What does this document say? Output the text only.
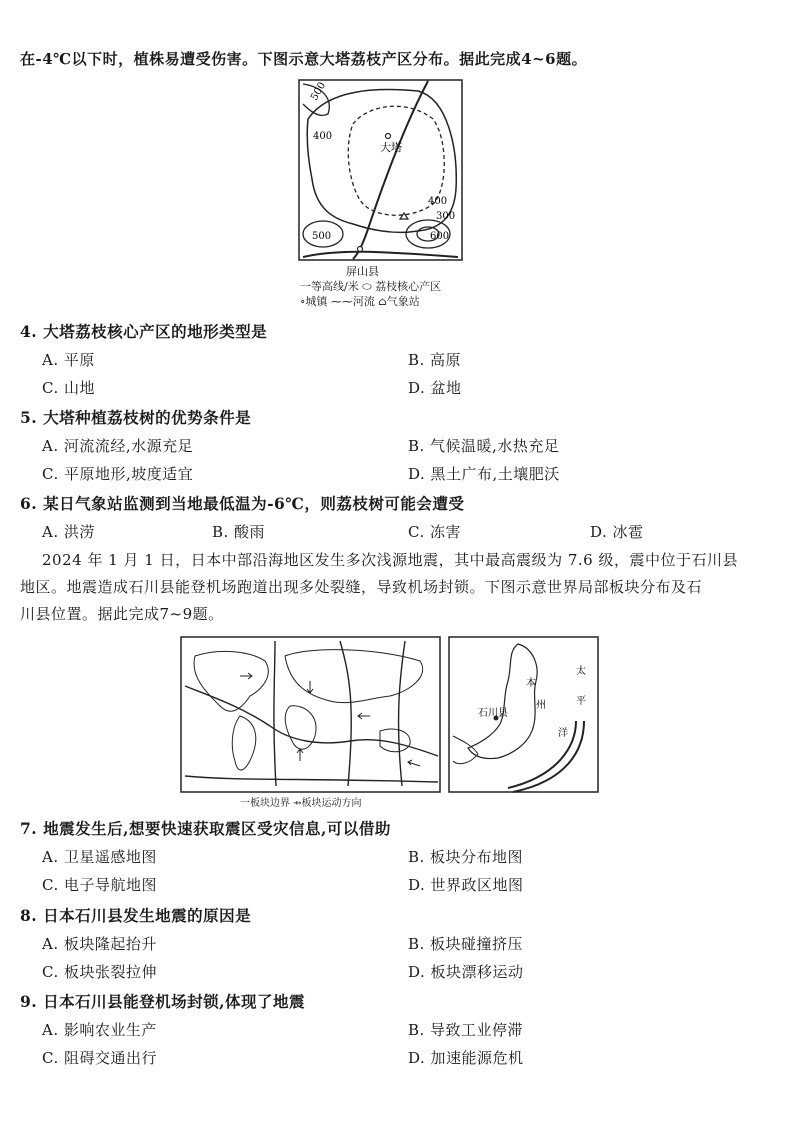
在-4℃以下时，植株易遭受伤害。下图示意大塔荔枝产区分布。据此完成4~6题。
500
400
400
300
500	600
大塔
屏山县
一等高线/米 ⬭ 荔枝核心产区
∘城镇 ⁓⁓河流 ⌂气象站
4. 大塔荔枝核心产区的地形类型是
A. 平原	B. 高原
C. 山地	D. 盆地
5. 大塔种植荔枝树的优势条件是
A. 河流流经,水源充足	B. 气候温暖,水热充足
C. 平原地形,坡度适宜	D. 黑土广布,土壤肥沃
6. 某日气象站监测到当地最低温为-6℃，则荔枝树可能会遭受
A. 洪涝	B. 酸雨	C. 冻害	D. 冰雹
2024 年 1 月 1 日，日本中部沿海地区发生多次浅源地震，其中最高震级为 7.6 级，震中位于石川县
地区。地震造成石川县能登机场跑道出现多处裂缝，导致机场封锁。下图示意世界局部板块分布及石
川县位置。据此完成7~9题。
一板块边界 ⇸板块运动方向
本
州
石川县
太
平
洋
7. 地震发生后,想要快速获取震区受灾信息,可以借助
A. 卫星遥感地图	B. 板块分布地图
C. 电子导航地图	D. 世界政区地图
8. 日本石川县发生地震的原因是
A. 板块隆起抬升	B. 板块碰撞挤压
C. 板块张裂拉伸	D. 板块漂移运动
9. 日本石川县能登机场封锁,体现了地震
A. 影响农业生产	B. 导致工业停滞
C. 阻碍交通出行	D. 加速能源危机
